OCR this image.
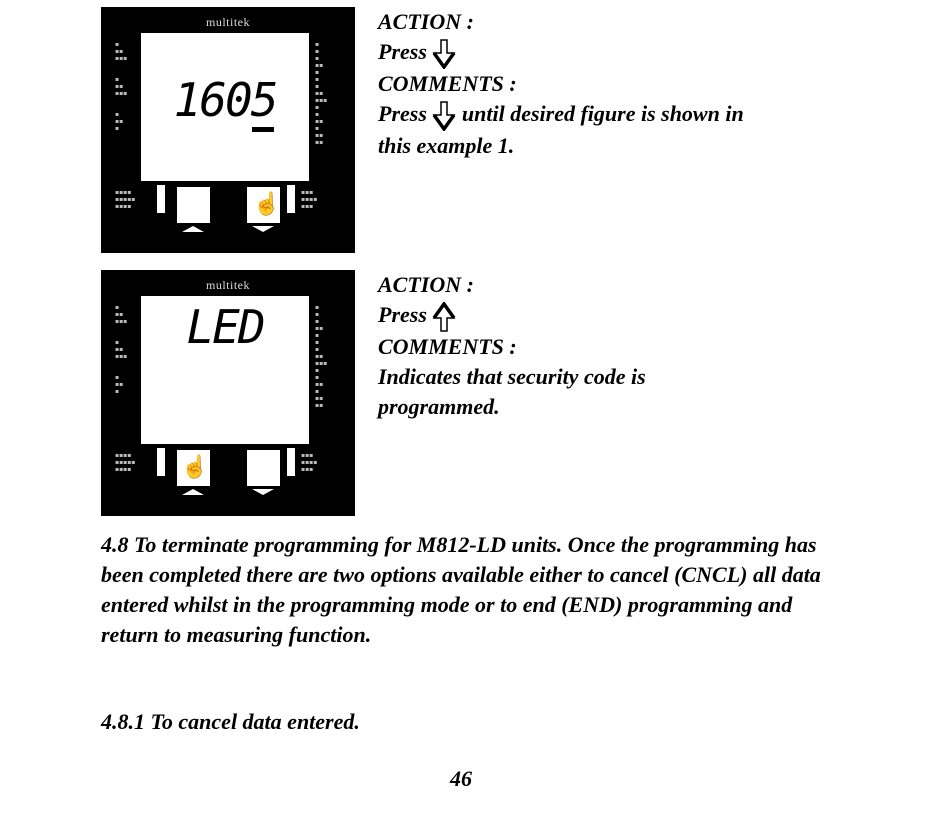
multitek
▪
▪▪
▪▪▪

▪
▪▪
▪▪▪

▪
▪▪
▪
▪
▪
▪
▪▪
▪
▪
▪
▪▪
▪▪▪
▪
▪
▪▪
▪
▪▪
▪▪
1605
▪▪▪▪
▪▪▪▪▪
▪▪▪▪	☝	▪▪▪
▪▪▪▪
▪▪▪
ACTION :
Press
COMMENTS :
Press until desired figure is shown in
this example 1.
multitek
▪
▪▪
▪▪▪

▪
▪▪
▪▪▪

▪
▪▪
▪
▪
▪
▪
▪▪
▪
▪
▪
▪▪
▪▪▪
▪
▪
▪▪
▪
▪▪
▪▪
LED
▪▪▪▪
▪▪▪▪▪
▪▪▪▪ ☝	▪▪▪
▪▪▪▪
▪▪▪
ACTION :
Press
COMMENTS :
Indicates that security code is
programmed.
4.8 To terminate programming for M812-LD units. Once the programming has been completed there are two options available either to cancel (CNCL) all data entered whilst in the programming mode or to end (END) programming and return to measuring function.
4.8.1 To cancel data entered.
46
